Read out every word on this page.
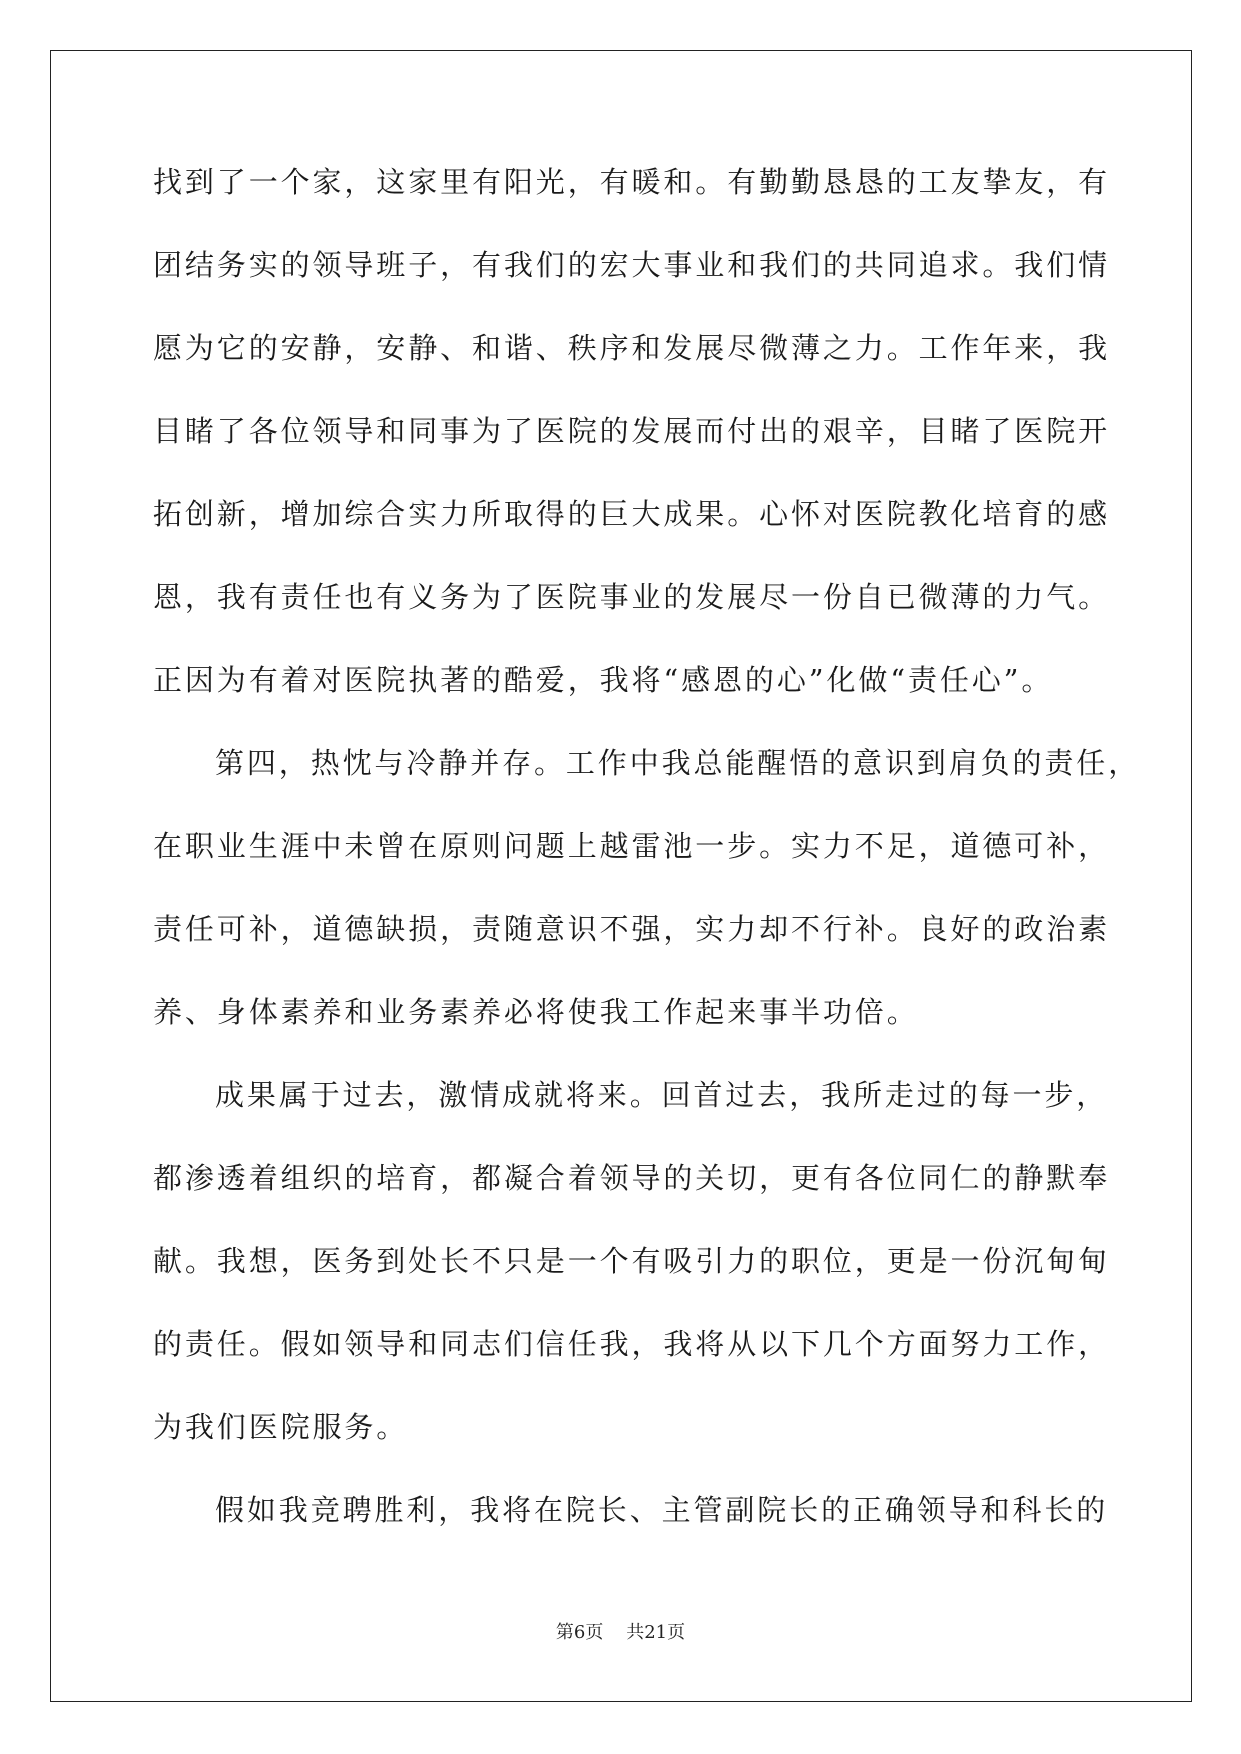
找到了一个家，这家里有阳光，有暖和。有勤勤恳恳的工友挚友，有
团结务实的领导班子，有我们的宏大事业和我们的共同追求。我们情
愿为它的安静，安静、和谐、秩序和发展尽微薄之力。工作年来，我
目睹了各位领导和同事为了医院的发展而付出的艰辛，目睹了医院开
拓创新，增加综合实力所取得的巨大成果。心怀对医院教化培育的感
恩，我有责任也有义务为了医院事业的发展尽一份自已微薄的力气。
正因为有着对医院执著的酷爱，我将“感恩的心”化做“责任心”。
第四，热忱与冷静并存。工作中我总能醒悟的意识到肩负的责任，
在职业生涯中未曾在原则问题上越雷池一步。实力不足，道德可补，
责任可补，道德缺损，责随意识不强，实力却不行补。良好的政治素
养、身体素养和业务素养必将使我工作起来事半功倍。
成果属于过去，激情成就将来。回首过去，我所走过的每一步，
都渗透着组织的培育，都凝合着领导的关切，更有各位同仁的静默奉
献。我想，医务到处长不只是一个有吸引力的职位，更是一份沉甸甸
的责任。假如领导和同志们信任我，我将从以下几个方面努力工作，
为我们医院服务。
假如我竞聘胜利，我将在院长、主管副院长的正确领导和科长的
第6页 共21页
